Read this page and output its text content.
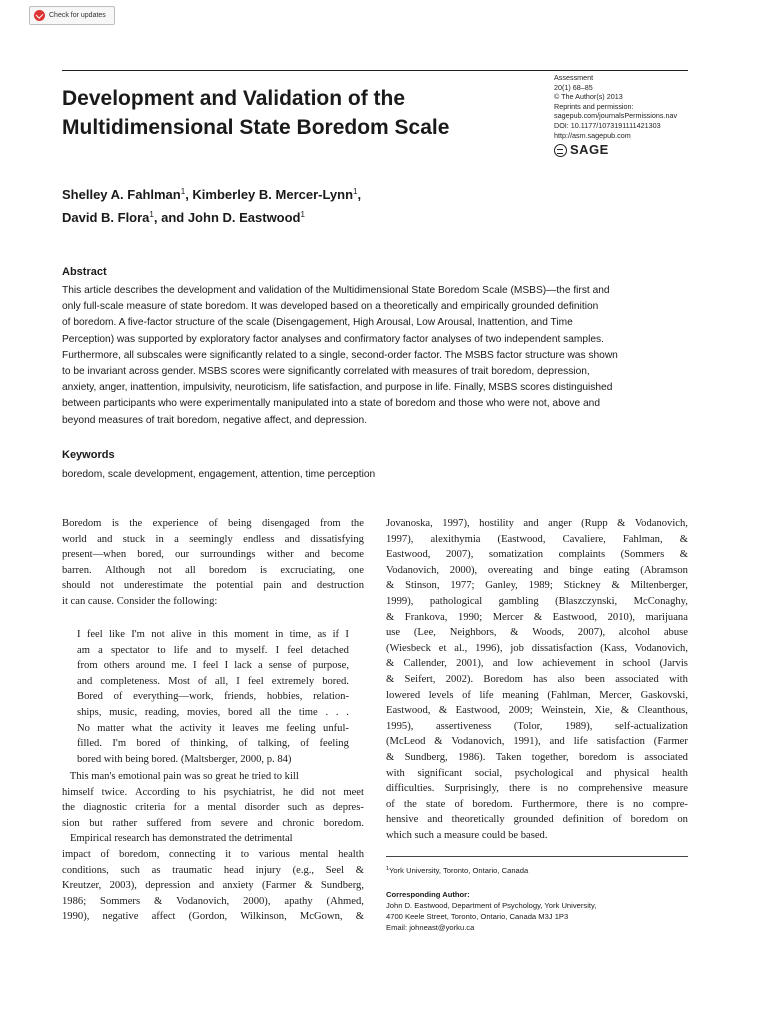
Check for updates
Development and Validation of the
Multidimensional State Boredom Scale
Assessment
20(1) 68–85
© The Author(s) 2013
Reprints and permission:
sagepub.com/journalsPermissions.nav
DOI: 10.1177/1073191111421303
http://asm.sagepub.com
SAGE
Shelley A. Fahlman$^1$, Kimberley B. Mercer-Lynn$^1$,
David B. Flora$^1$, and John D. Eastwood$^1$
Abstract
This article describes the development and validation of the Multidimensional State Boredom Scale (MSBS)—the first and
only full-scale measure of state boredom. It was developed based on a theoretically and empirically grounded definition
of boredom. A five-factor structure of the scale (Disengagement, High Arousal, Low Arousal, Inattention, and Time
Perception) was supported by exploratory factor analyses and confirmatory factor analyses of two independent samples.
Furthermore, all subscales were significantly related to a single, second-order factor. The MSBS factor structure was shown
to be invariant across gender. MSBS scores were significantly correlated with measures of trait boredom, depression,
anxiety, anger, inattention, impulsivity, neuroticism, life satisfaction, and purpose in life. Finally, MSBS scores distinguished
between participants who were experimentally manipulated into a state of boredom and those who were not, above and
beyond measures of trait boredom, negative affect, and depression.
Keywords
boredom, scale development, engagement, attention, time perception
Boredom is the experience of being disengaged from the
world and stuck in a seemingly endless and dissatisfying
present—when bored, our surroundings wither and become
barren. Although not all boredom is excruciating, one
should not underestimate the potential pain and destruction
it can cause. Consider the following:
I feel like I'm not alive in this moment in time, as if I
am a spectator to life and to myself. I feel detached
from others around me. I feel I lack a sense of purpose,
and completeness. Most of all, I feel extremely bored.
Bored of everything—work, friends, hobbies, relation-
ships, music, reading, movies, bored all the time . . .
No matter what the activity it leaves me feeling unful-
filled. I'm bored of thinking, of talking, of feeling
bored with being bored. (Maltsberger, 2000, p. 84)
This man's emotional pain was so great he tried to kill
himself twice. According to his psychiatrist, he did not meet
the diagnostic criteria for a mental disorder such as depres-
sion but rather suffered from severe and chronic boredom.
Empirical research has demonstrated the detrimental
impact of boredom, connecting it to various mental health
conditions, such as traumatic head injury (e.g., Seel &
Kreutzer, 2003), depression and anxiety (Farmer & Sundberg,
1986; Sommers & Vodanovich, 2000), apathy (Ahmed,
1990), negative affect (Gordon, Wilkinson, McGown, &
Jovanoska, 1997), hostility and anger (Rupp & Vodanovich,
1997), alexithymia (Eastwood, Cavaliere, Fahlman, &
Eastwood, 2007), somatization complaints (Sommers &
Vodanovich, 2000), overeating and binge eating (Abramson
& Stinson, 1977; Ganley, 1989; Stickney & Miltenberger,
1999), pathological gambling (Blaszczynski, McConaghy,
& Frankova, 1990; Mercer & Eastwood, 2010), marijuana
use (Lee, Neighbors, & Woods, 2007), alcohol abuse
(Wiesbeck et al., 1996), job dissatisfaction (Kass, Vodanovich,
& Callender, 2001), and low achievement in school (Jarvis
& Seifert, 2002). Boredom has also been associated with
lowered levels of life meaning (Fahlman, Mercer, Gaskovski,
Eastwood, & Eastwood, 2009; Weinstein, Xie, & Cleanthous,
1995), assertiveness (Tolor, 1989), self-actualization
(McLeod & Vodanovich, 1991), and life satisfaction (Farmer
& Sundberg, 1986). Taken together, boredom is associated
with significant social, psychological and physical health
difficulties. Surprisingly, there is no comprehensive measure
of the state of boredom. Furthermore, there is no compre-
hensive and theoretically grounded definition of boredom on
which such a measure could be based.
$^1$York University, Toronto, Ontario, Canada
Corresponding Author:
John D. Eastwood, Department of Psychology, York University,
4700 Keele Street, Toronto, Ontario, Canada M3J 1P3
Email: johneast@yorku.ca
